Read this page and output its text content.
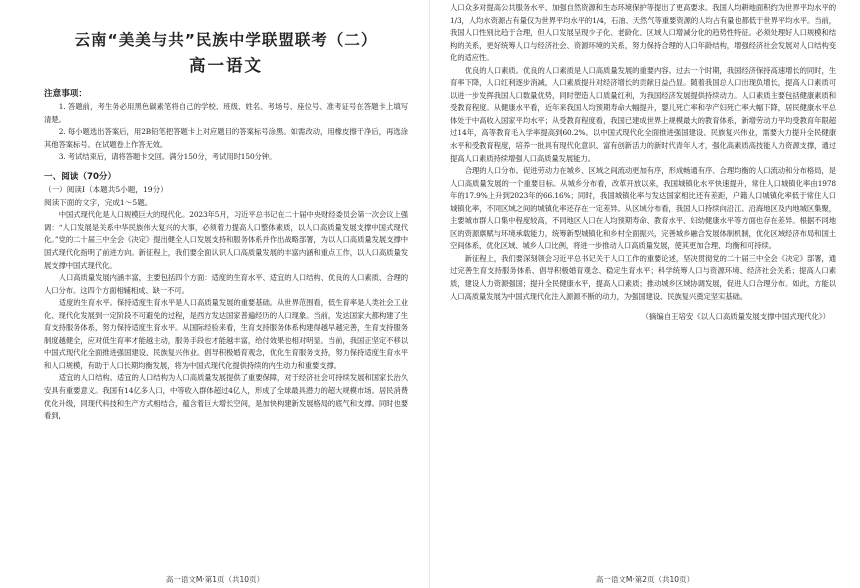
云南“美美与共”民族中学联盟联考（二）
高一语文

注意事项：

1. 答题前，考生务必用黑色碳素笔将自己的学校、班级、姓名、考场号、座位号、准考证号在答题卡上填写清楚。

2. 每小题选出答案后，用2B铅笔把答题卡上对应题目的答案标号涂黑。如需改动，用橡皮擦干净后，再选涂其他答案标号。在试题卷上作答无效。

3. 考试结束后，请将答题卡交回。满分150分，考试用时150分钟。

一、阅读（70分）

（一）阅读Ⅰ（本题共5小题，19分）

阅读下面的文字，完成1～5题。

中国式现代化是人口规模巨大的现代化。2023年5月，习近平总书记在二十届中央财经委员会第一次会议上强调：“人口发展是关系中华民族伟大复兴的大事，必须着力提高人口整体素质，以人口高质量发展支撑中国式现代化。”党的二十届三中全会《决定》提出健全人口发展支持和服务体系并作出战略部署，为以人口高质量发展支撑中国式现代化指明了前进方向。新征程上，我们要全面认识人口高质量发展的丰富内涵和重点工作，以人口高质量发展支撑中国式现代化。

人口高质量发展内涵丰富，主要包括四个方面：适度的生育水平、适宜的人口结构、优良的人口素质、合理的人口分布。这四个方面相辅相成、缺一不可。

适度的生育水平。保持适度生育水平是人口高质量发展的重要基础。从世界范围看，低生育率是人类社会工业化、现代化发展到一定阶段不可避免的过程，是西方发达国家普遍经历的人口现象。当前，发达国家大都构建了生育支持服务体系，努力保持适度生育水平。从国际经验来看，生育支持服务体系构建得越早越完善，生育支持服务制度越健全，应对低生育率才能越主动，服务手段也才能越丰富，给付效果也相对明显。当前，我国正坚定不移以中国式现代化全面推进强国建设、民族复兴伟业。倡导积极婚育观念，优化生育服务支持，努力保持适度生育水平和人口规模，有助于人口长期均衡发展，将为中国式现代化提供持续的内生动力和重要支撑。

适宜的人口结构。适宜的人口结构为人口高质量发展提供了重要保障，对于经济社会可持续发展和国家长治久安具有重要意义。我国有14亿多人口，中等收入群体超过4亿人，形成了全球最具潜力的超大规模市场。居民消费优化升级，同现代科技和生产方式相结合，蕴含着巨大增长空间，是加快构建新发展格局的底气和支撑。同时也要看到，

高一语文M·第1页（共10页）

人口众多对提高公共服务水平、加强自然资源和生态环境保护等提出了更高要求。我国人均耕地面积约为世界平均水平的1/3，人均水资源占有量仅为世界平均水平的1/4，石油、天然气等重要资源的人均占有量也都低于世界平均水平。当前，我国人口性别比趋于合理，但人口发展呈现少子化、老龄化、区域人口增减分化的趋势性特征。必须处理好人口规模和结构的关系，更好统筹人口与经济社会、资源环境的关系，努力保持合理的人口年龄结构，增强经济社会发展对人口结构变化的适应性。

优良的人口素质。优良的人口素质是人口高质量发展的重要内容。过去一个时期，我国经济保持高速增长的同时，生育率下降，人口红利逐步消减，人口素质提升对经济增长的贡献日益凸显。随着我国总人口出现负增长，提高人口素质可以进一步发挥我国人口数量优势，同时塑造人口质量红利，为我国经济发展提供持续动力。人口素质主要包括健康素质和受教育程度。从健康水平看，近年来我国人均预期寿命大幅提升，婴儿死亡率和孕产妇死亡率大幅下降，居民健康水平总体处于中高收入国家平均水平；从受教育程度看，我国已建成世界上规模最大的教育体系，新增劳动力平均受教育年限超过14年，高等教育毛入学率提高到60.2%。以中国式现代化全面推进强国建设、民族复兴伟业，需要大力提升全民健康水平和受教育程度，培养一批具有现代化意识、富有创新活力的新时代青年人才，强化高素质高技能人力资源支撑，通过提高人口素质持续增强人口高质量发展能力。

合理的人口分布。促进劳动力在城乡、区域之间流动更加有序，形成畅通有序、合理均衡的人口流动和分布格局，是人口高质量发展的一个重要目标。从城乡分布看，改革开放以来，我国城镇化水平快速提升，常住人口城镇化率由1978年的17.9%上升到2023年的66.16%；同时，我国城镇化率与发达国家相比还有差距，户籍人口城镇化率低于常住人口城镇化率，不同区域之间的城镇化率还存在一定差异。从区域分布看，我国人口持续向沿江、沿海地区及内地城区集聚，主要城市群人口集中程度较高，不同地区人口在人均预期寿命、教育水平、妇幼健康水平等方面也存在差异。根据不同地区的资源禀赋与环境承载能力，统筹新型城镇化和乡村全面振兴，完善城乡融合发展体制机制，优化区域经济布局和国土空间体系，优化区域、城乡人口比例，将进一步推动人口高质量发展，使其更加合理、均衡和可持续。

新征程上，我们要深刻领会习近平总书记关于人口工作的重要论述，坚决贯彻党的二十届三中全会《决定》部署，通过完善生育支持服务体系、倡导积极婚育观念、稳定生育水平；科学统筹人口与资源环境、经济社会关系；提高人口素质，建设人力资源强国；提升全民健康水平，提高人口素质；推动城乡区域协调发展，促进人口合理分布。如此，方能以人口高质量发展为中国式现代化注入源源不断的动力，为强国建设、民族复兴奠定坚实基础。

（摘编自王培安《以人口高质量发展支撑中国式现代化》）
高一语文M·第2页（共10页）
